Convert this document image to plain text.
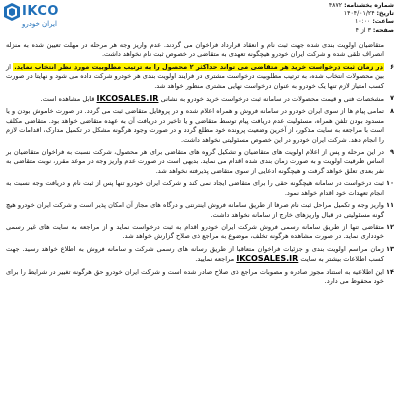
IKCO
ایران خودرو
شماره بخشنامه: ۴۸۷۲
تاریخ: ۱۴۰۴/۰۱/۲۴
ساعت: ۱۰:۰۰
صفحه: ۳ از ۴
متقاضیان اولویت بندی شده جهت ثبت نام و انعقاد قرارداد فراخوان می گردند. عدم واریز وجه هر مرحله در مهلت تعیین شده به منزله انصراف تلقی شده و شرکت ایران خودرو هیچگونه تعهدی به متقاضی در خصوص ثبت نام نخواهد داشت.
۶
در زمان ثبت درخواست خرید هر متقاضی می تواند حداکثر ۲ محصول را به ترتیب مطلوبیت مورد نظر انتخاب نماید. از بین محصولات انتخاب شده، به ترتیب مطلوبیت درخواست مشتری در فرایند اولویت بندی هر خودرو شرکت داده می شود و نهایتا در صورت کسب امتیاز لازم تنها یک خودرو به عنوان درخواست نهایی مشتری منظور خواهد شد.
۷
مشخصات فنی و قیمت محصولات در سامانه ثبت درخواست خرید خودرو به نشانی IKCOSALES.IR قابل مشاهده است.
۸
تمامی پیام ها از سوی ایران خودرو در سامانه فروش و همراه اعلام شده و در پروفایل متقاضی ثبت می گردد. در صورت خاموش بودن و یا مسدود بودن تلفن همراه، مسئولیت عدم دریافت پیام توسط متقاضی و یا تاخیر در دریافت آن به عهده متقاضی خواهد بود. متقاضی مکلف است با مراجعه به سایت مذکور، از آخرین وضعیت پرونده خود مطلع گردد و در صورت وجود هرگونه مشکل در تکمیل مدارک، اقدامات لازم را انجام دهد. شرکت ایران خودرو در این خصوص مسئولیتی نخواهد داشت.
۹
در این مرحله و پس از اعلام اولویت های متقاضیان و تشکیل گروه های متقاضی برای هر محصول، شرکت نسبت به فراخوان متقاضیان بر اساس ظرفیت اولویت و به صورت زمان بندی شده اقدام می نماید. بدیهی است در صورت عدم واریز وجه در موعد مقرر، نوبت متقاضی به نفر بعدی تعلق خواهد گرفت و هیچگونه ادعایی از سوی متقاضی پذیرفته نخواهد شد.
۱۰
ثبت درخواست در سامانه هیچگونه حقی را برای متقاضی ایجاد نمی کند و شرکت ایران خودرو تنها پس از ثبت نام و دریافت وجه نسبت به انجام تعهدات خود اقدام خواهد نمود.
۱۱
واریز وجه و تکمیل مراحل ثبت نام صرفا از طریق سامانه فروش اینترنتی و درگاه های مجاز آن امکان پذیر است و شرکت ایران خودرو هیچ گونه مسئولیتی در قبال واریزهای خارج از سامانه نخواهد داشت.
۱۲
متقاضی تنها از طریق سامانه رسمی فروش شرکت ایران خودرو اقدام به ثبت درخواست نماید و از مراجعه به سایت های غیر رسمی خودداری نماید. در صورت مشاهده هرگونه تخلف، موضوع به مراجع ذی صلاح گزارش خواهد شد.
۱۳
زمان مراسم اولویت بندی و جزئیات فراخوان متعاقبا از طریق رسانه های رسمی شرکت و سامانه فروش به اطلاع خواهد رسید. جهت کسب اطلاعات بیشتر به سایت IKCOSALES.IR مراجعه نمایید.
۱۴
این اطلاعیه به استناد مجوز صادره و مصوبات مراجع ذی صلاح صادر شده است و شرکت ایران خودرو حق هرگونه تغییر در شرایط را برای خود محفوظ می دارد.
